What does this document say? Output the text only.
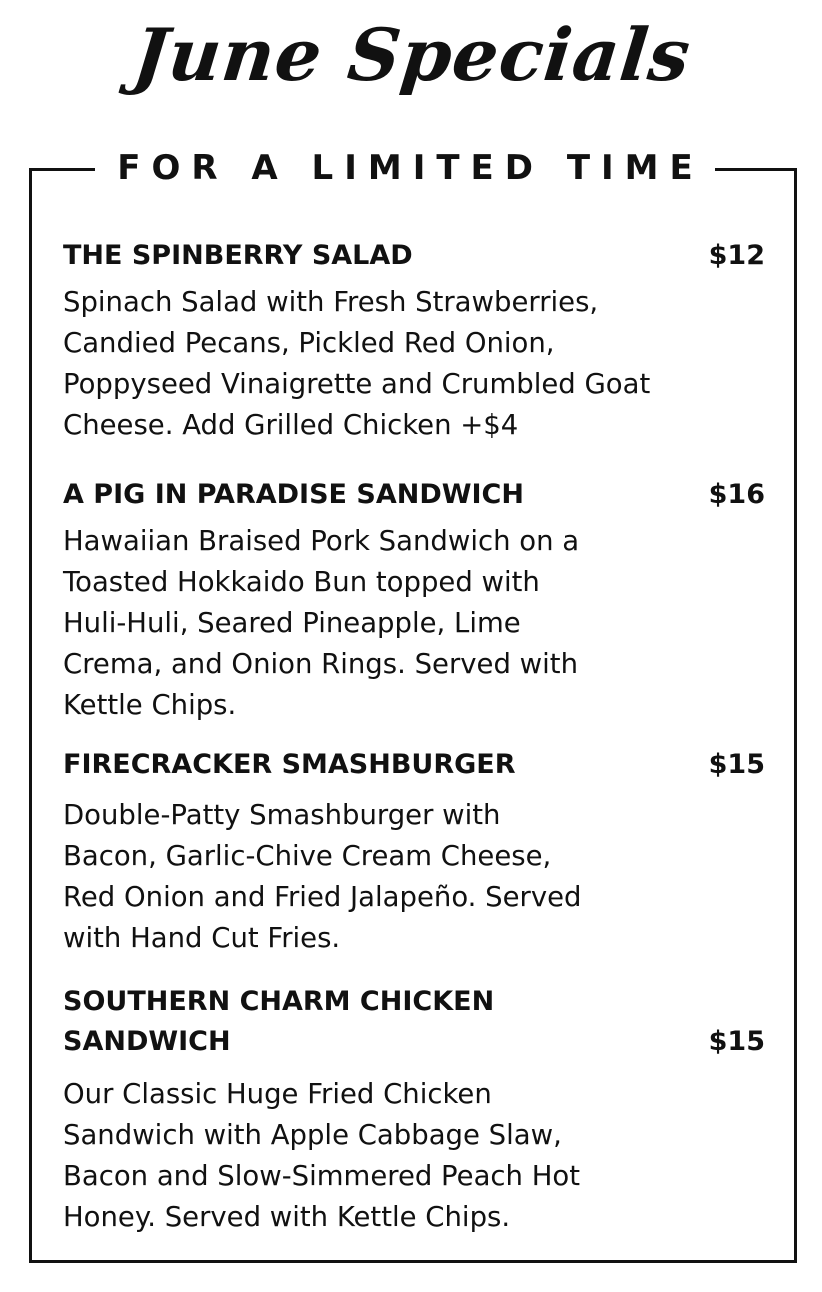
June Specials
FOR A LIMITED TIME
THE SPINBERRY SALAD	$12
Spinach Salad with Fresh Strawberries,
Candied Pecans, Pickled Red Onion,
Poppyseed Vinaigrette and Crumbled Goat
Cheese. Add Grilled Chicken +$4
A PIG IN PARADISE SANDWICH	$16
Hawaiian Braised Pork Sandwich on a
Toasted Hokkaido Bun topped with
Huli-Huli, Seared Pineapple, Lime
Crema, and Onion Rings. Served with
Kettle Chips.
FIRECRACKER SMASHBURGER	$15
Double-Patty Smashburger with
Bacon, Garlic-Chive Cream Cheese,
Red Onion and Fried Jalapeño. Served
with Hand Cut Fries.
SOUTHERN CHARM CHICKEN
SANDWICH	$15
Our Classic Huge Fried Chicken
Sandwich with Apple Cabbage Slaw,
Bacon and Slow-Simmered Peach Hot
Honey. Served with Kettle Chips.
